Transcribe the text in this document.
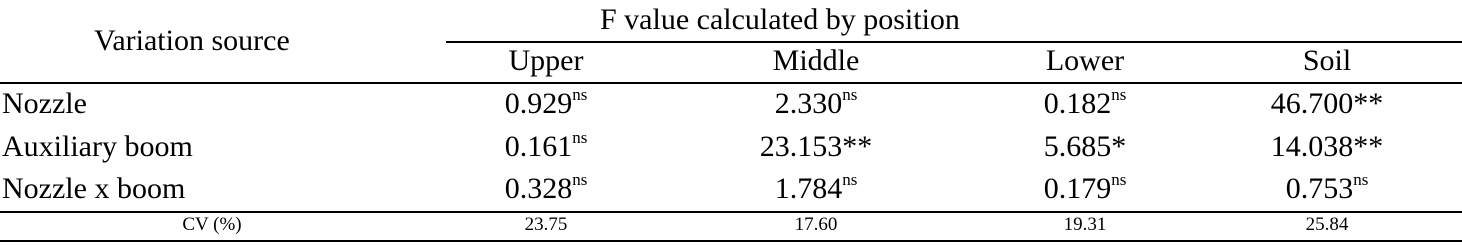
Variation source
F value calculated by position
Upper	Middle	Lower	Soil
Nozzle	$0.929^{ns}$	$2.330^{ns}$	$0.182^{ns}$	46.700**
Auxiliary boom	$0.161^{ns}$	23.153**	5.685*	14.038**
Nozzle x boom	$0.328^{ns}$	$1.784^{ns}$	$0.179^{ns}$	$0.753^{ns}$
CV (%)	23.75	17.60	19.31	25.84
